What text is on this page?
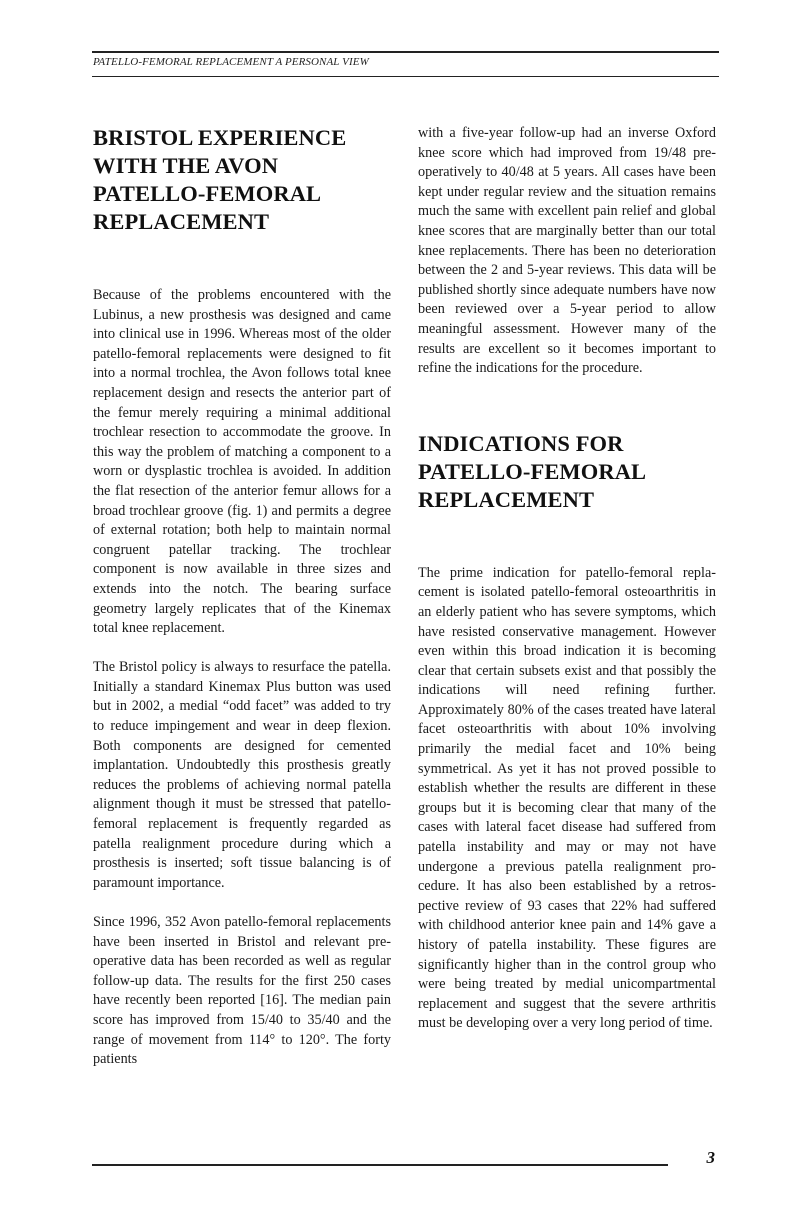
PATELLO-FEMORAL REPLACEMENT A PERSONAL VIEW
BRISTOL EXPERIENCE WITH THE AVON PATELLO-FEMORAL REPLACEMENT

Because of the problems encountered with the Lubinus, a new prosthesis was designed and came into clinical use in 1996. Whereas most of the older patello-femoral replacements were designed to fit into a normal trochlea, the Avon follows total knee replacement design and resects the anterior part of the femur merely requiring a minimal additional trochlear resection to accommodate the groove. In this way the problem of matching a component to a worn or dysplastic trochlea is avoided. In addition the flat resection of the anterior femur allows for a broad trochlear groove (fig. 1) and permits a degree of external rotation; both help to maintain normal congruent patellar tracking. The trochlear component is now available in three sizes and extends into the notch. The bearing surface geometry largely replicates that of the Kinemax total knee replacement.

The Bristol policy is always to resurface the patella. Initially a standard Kinemax Plus button was used but in 2002, a medial “odd facet” was added to try to reduce impingement and wear in deep flexion. Both components are designed for cemented implantation. Undoubtedly this prosthesis greatly reduces the problems of achieving normal patella alignment though it must be stressed that patello-femoral replacement is frequently regarded as patella realignment procedure during which a prosthesis is inserted; soft tissue balancing is of paramount importance.

Since 1996, 352 Avon patello-femoral replacements have been inserted in Bristol and relevant pre-operative data has been recorded as well as regular follow-up data. The results for the first 250 cases have recently been reported [16]. The median pain score has improved from 15/40 to 35/40 and the range of movement from 114° to 120°. The forty patients

with a five-year follow-up had an inverse Oxford knee score which had improved from 19/48 pre-operatively to 40/48 at 5 years. All cases have been kept under regular review and the situation remains much the same with excellent pain relief and global knee scores that are marginally better than our total knee replacements. There has been no deterioration between the 2 and 5-year reviews. This data will be published shortly since adequate numbers have now been reviewed over a 5-year period to allow meaningful assessment. However many of the results are excellent so it becomes important to refine the indications for the procedure.

INDICATIONS FOR PATELLO-FEMORAL REPLACEMENT

The prime indication for patello-femoral replacement is isolated patello-femoral osteoarthritis in an elderly patient who has severe symptoms, which have resisted conservative management. However even within this broad indication it is becoming clear that certain subsets exist and that possibly the indications will need refining further. Approximately 80% of the cases treated have lateral facet osteoarthritis with about 10% involving primarily the medial facet and 10% being symmetrical. As yet it has not proved possible to establish whether the results are different in these groups but it is becoming clear that many of the cases with lateral facet disease had suffered from patella instability and may or may not have undergone a previous patella realignment procedure. It has also been established by a retrospective review of 93 cases that 22% had suffered with childhood anterior knee pain and 14% gave a history of patella instability. These figures are significantly higher than in the control group who were being treated by medial unicompartmental replacement and suggest that the severe arthritis must be developing over a very long period of time.

3
